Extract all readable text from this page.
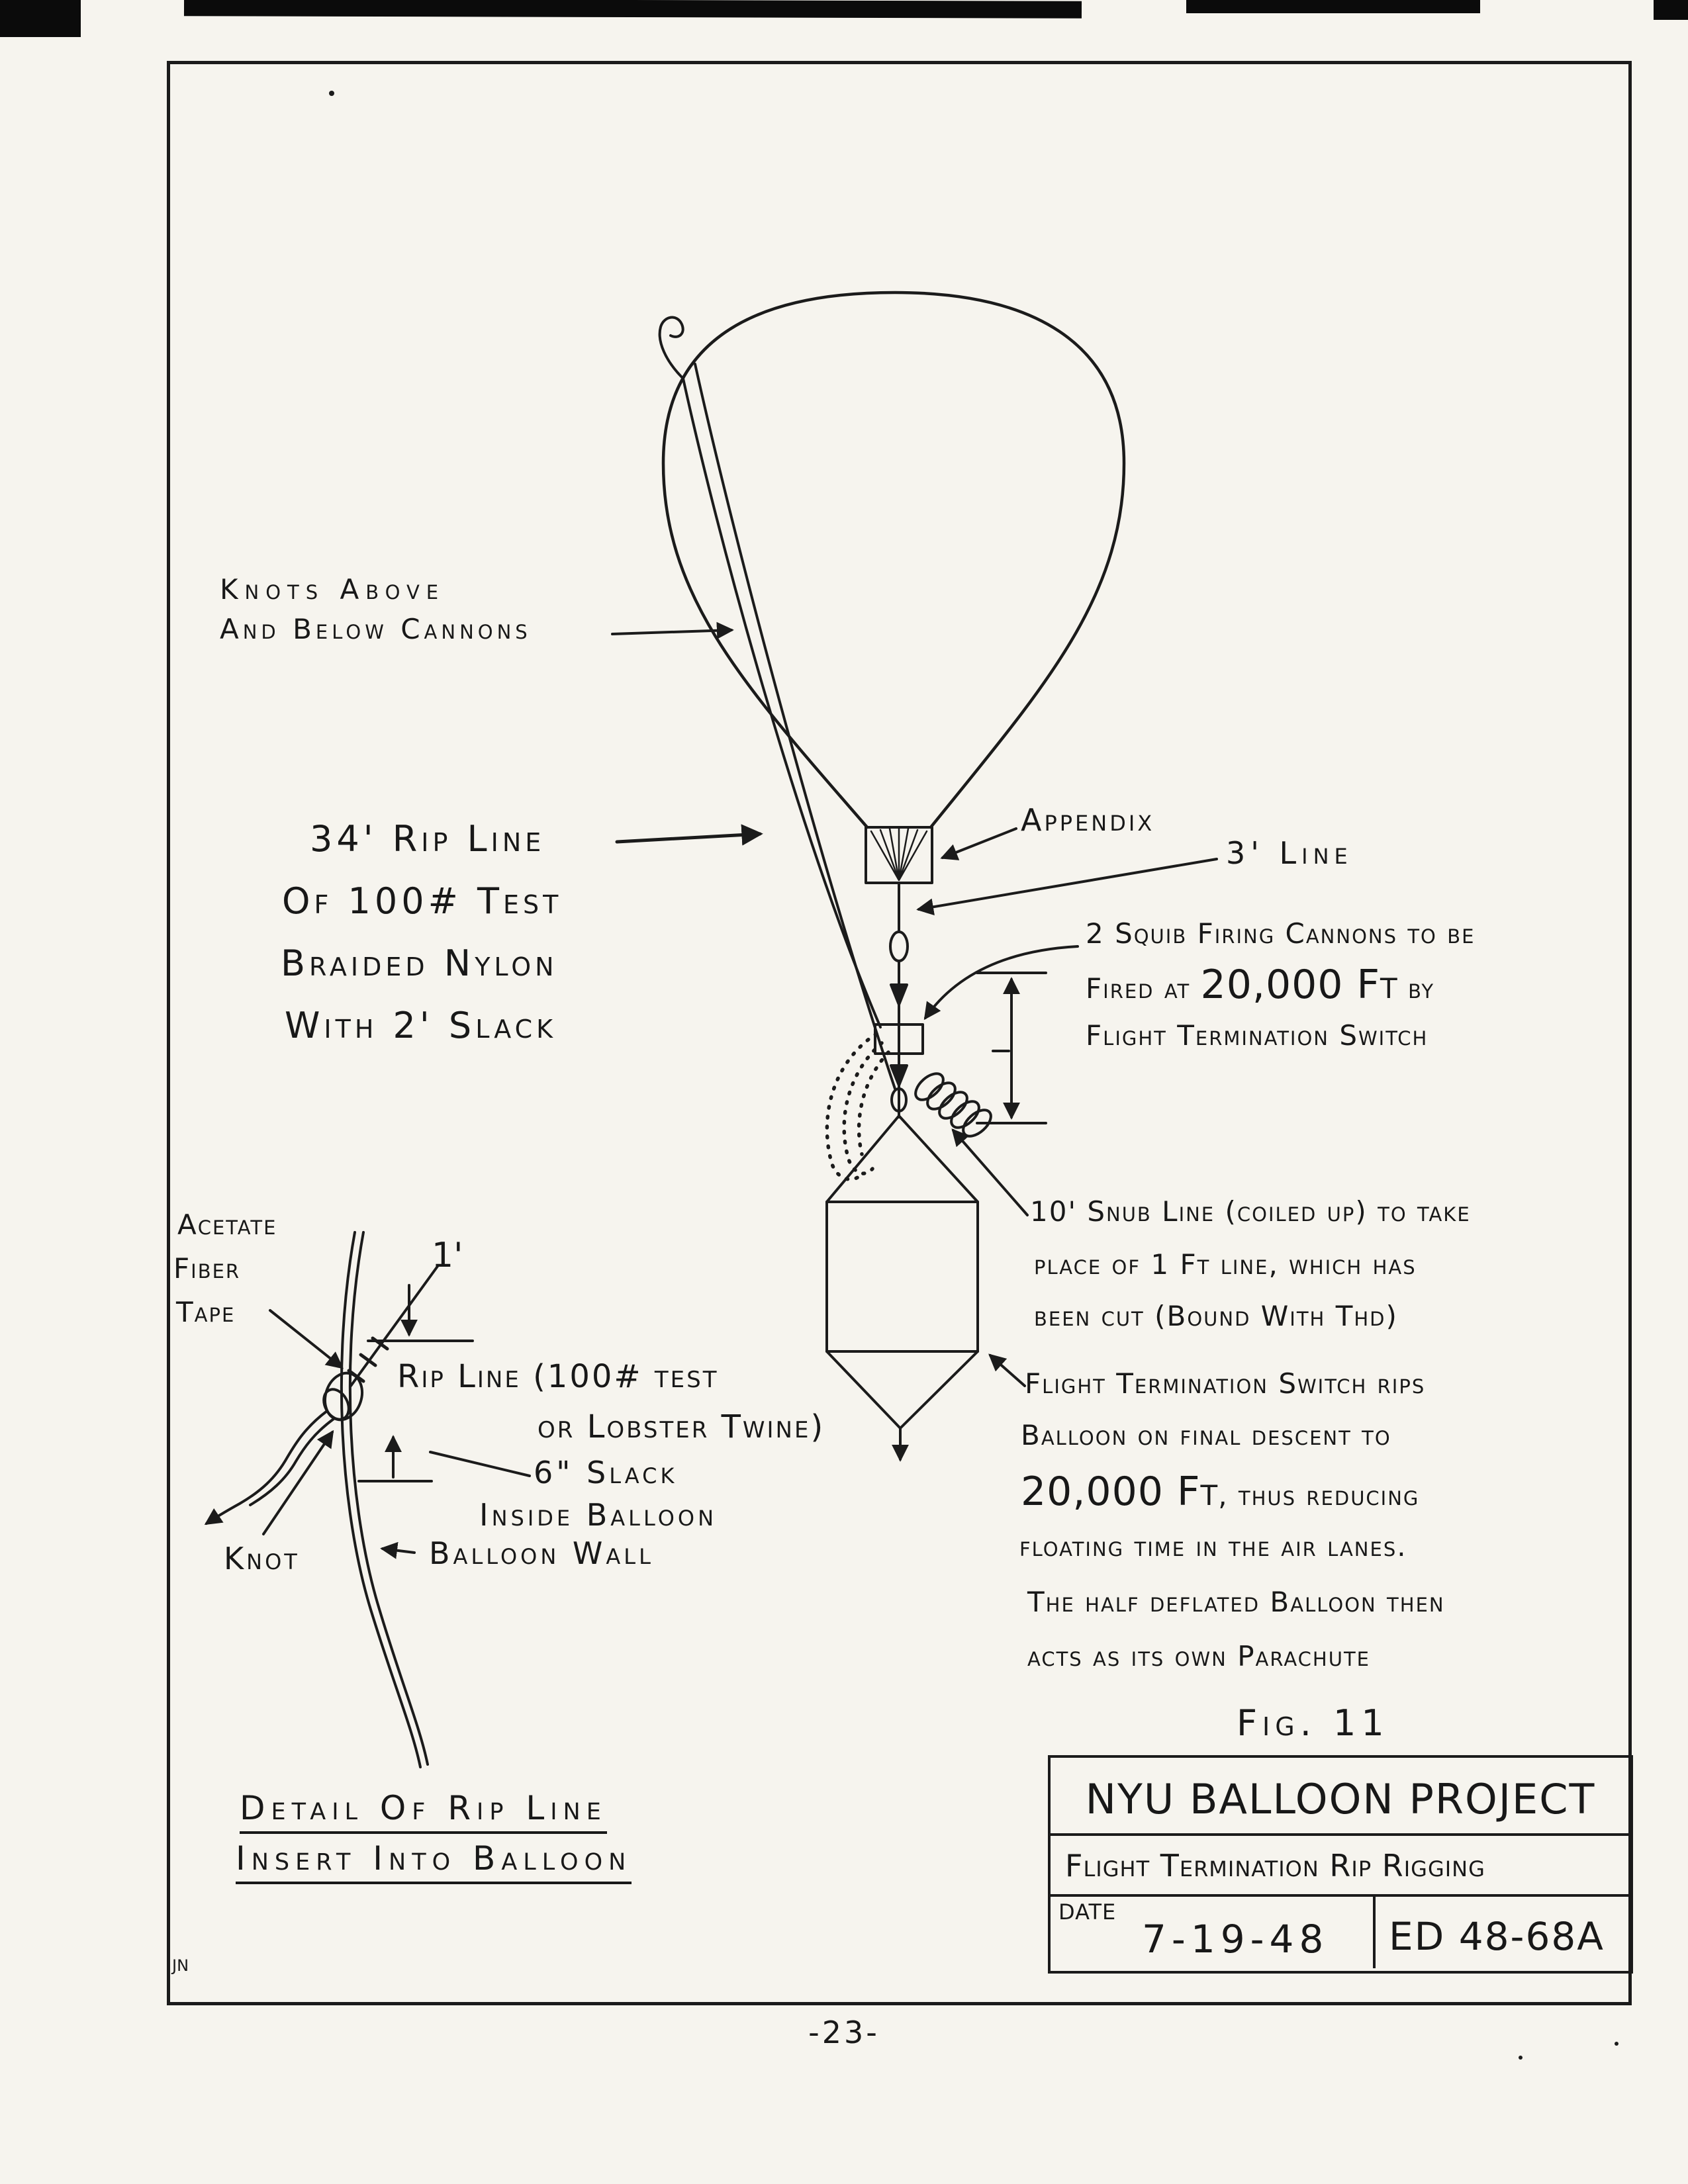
Knots Above
And Below Cannons
34' Rip Line
Of 100# Test
Braided Nylon
With 2' Slack
Appendix
3' Line
2 Squib Firing Cannons to be
Fired at 20,000 Ft by
Flight Termination Switch
10' Snub Line (coiled up) to take
place of 1 Ft line, which has
been cut (Bound With Thd)
Flight Termination Switch rips
Balloon on final descent to
20,000 Ft, thus reducing
floating time in the air lanes.
The half deflated Balloon then
acts as its own Parachute
Fig. 11
Acetate
Fiber
Tape
1'
Rip Line (100# test
or Lobster Twine)
6" Slack
Inside Balloon
Knot	Balloon Wall
Detail Of Rip Line
Insert Into Balloon
NYU BALLOON PROJECT
Flight Termination Rip Rigging
DATE
7-19-48 ED 48-68A
-23-
JN
